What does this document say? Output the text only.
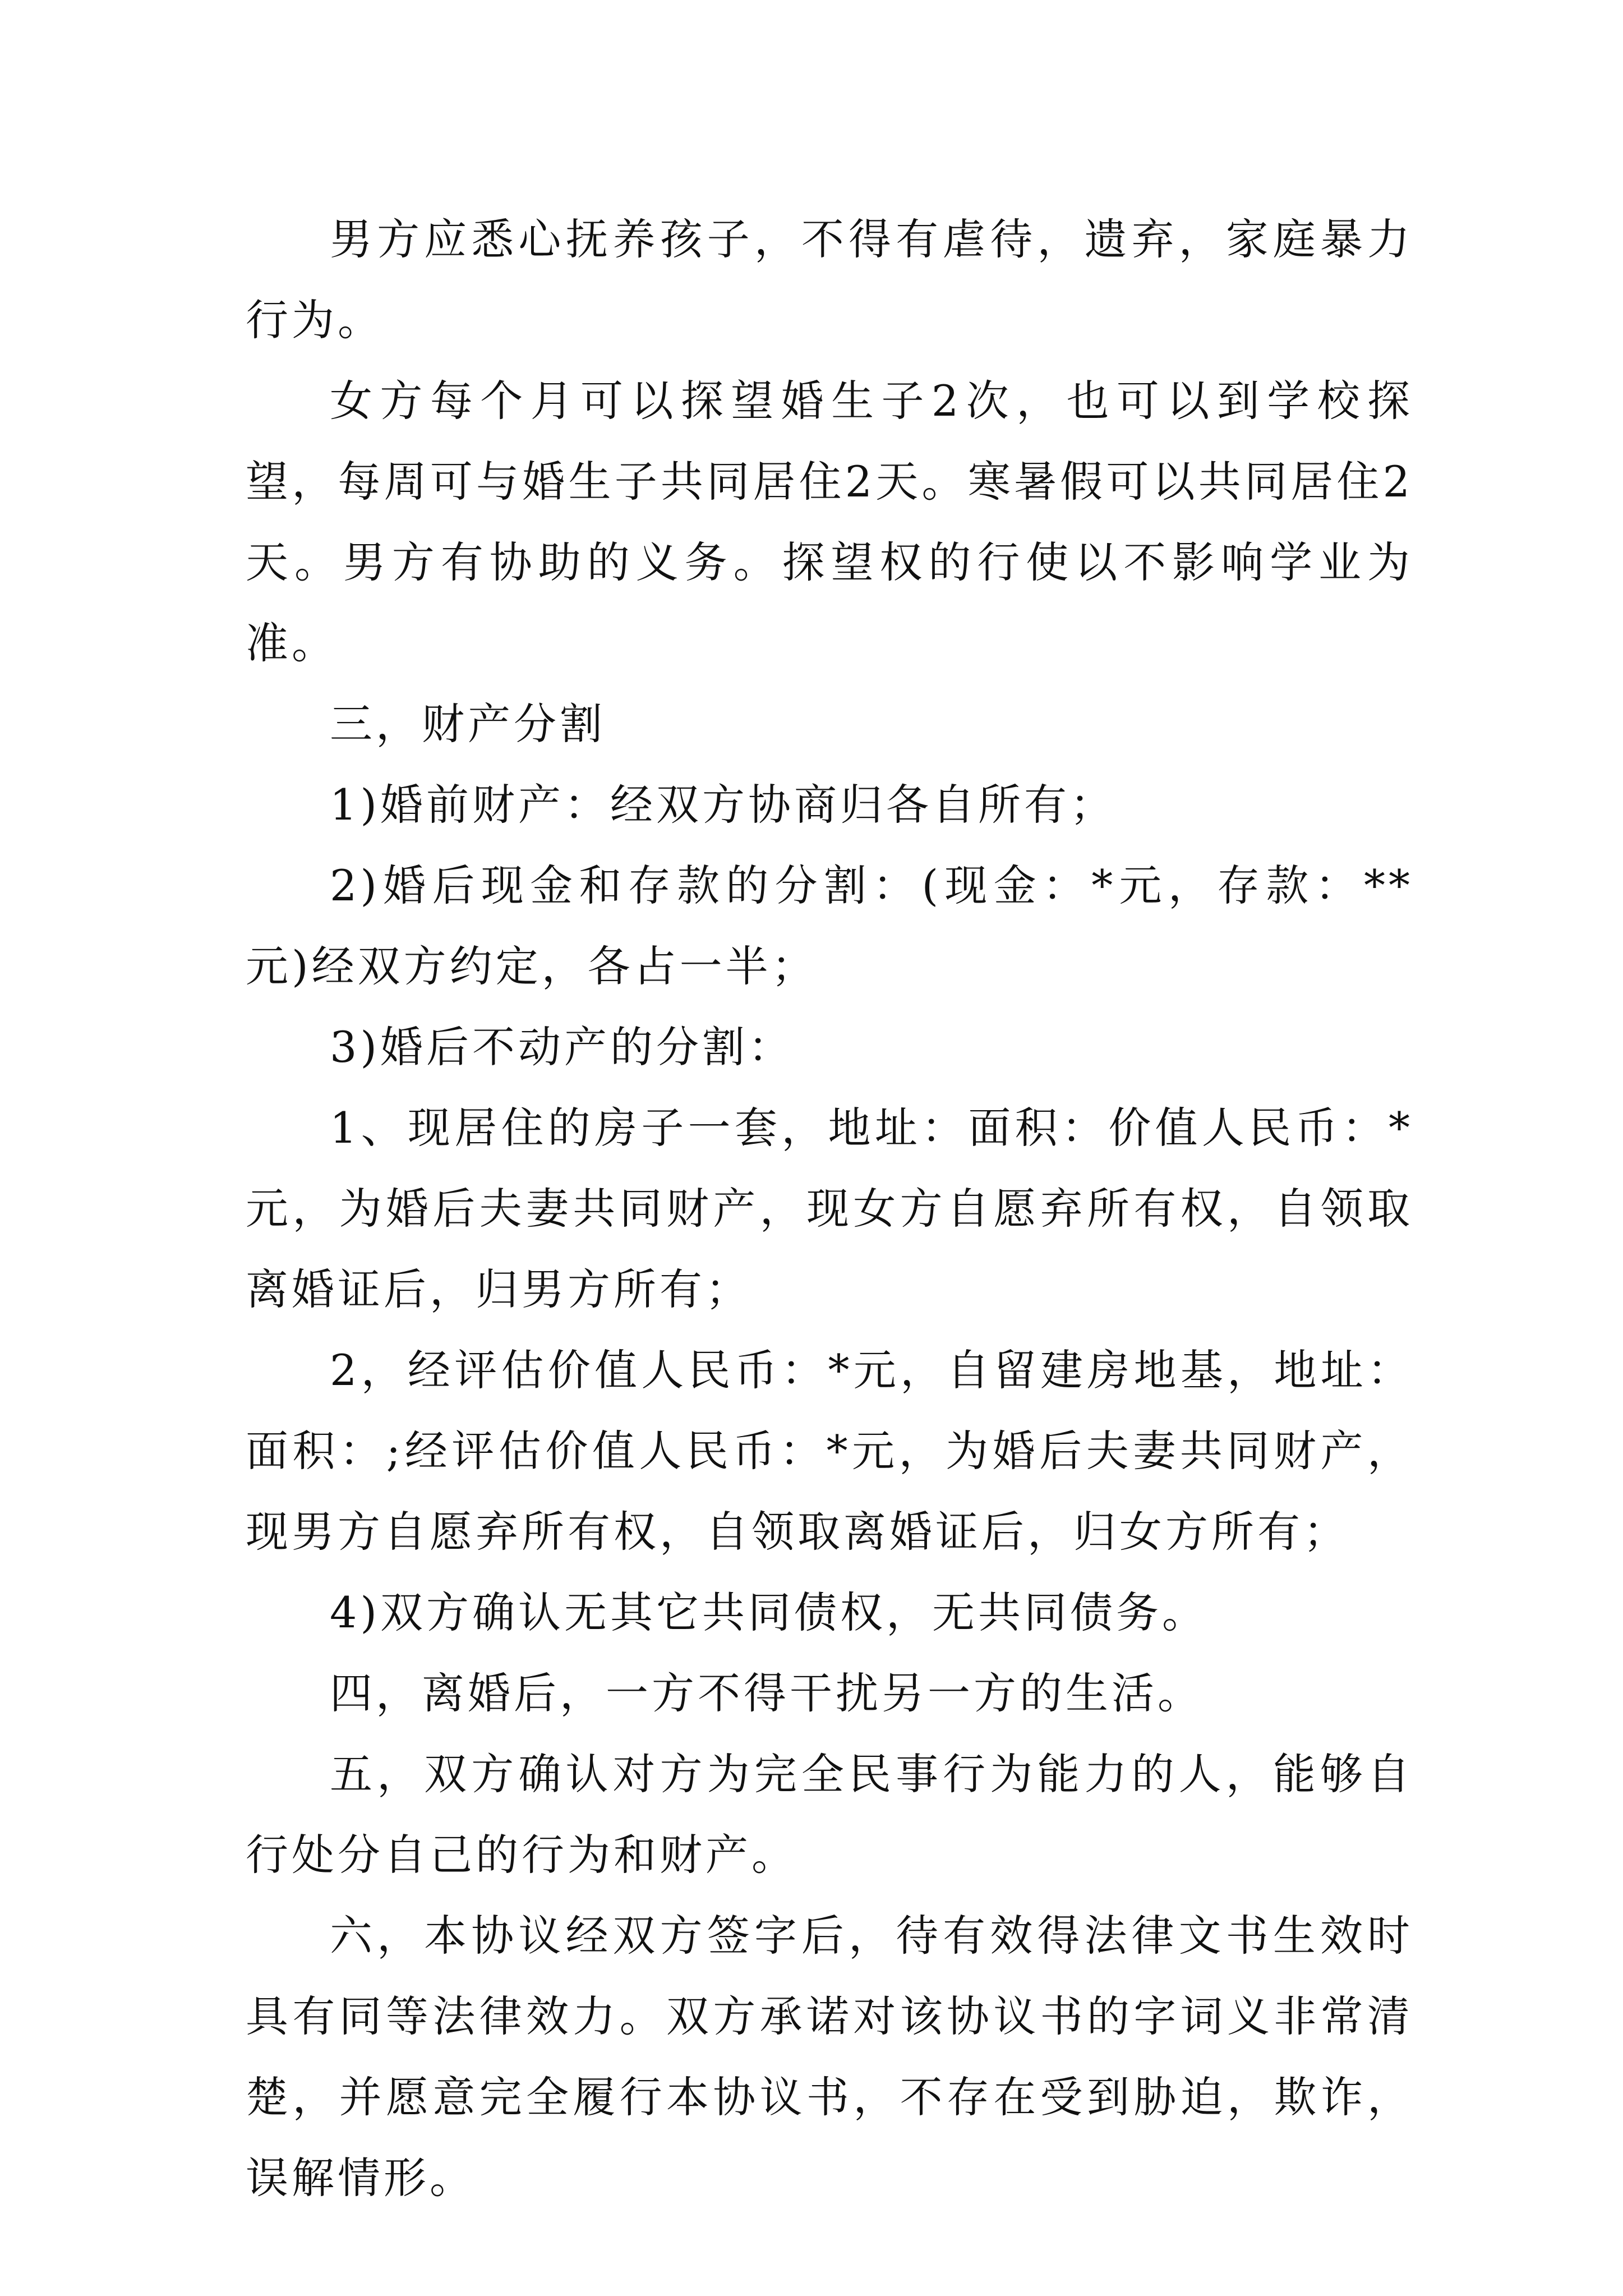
男方应悉心抚养孩子，不得有虐待，遗弃，家庭暴力行为。

女方每个月可以探望婚生子2次，也可以到学校探望，每周可与婚生子共同居住2天。寒暑假可以共同居住2天。男方有协助的义务。探望权的行使以不影响学业为准。

三，财产分割

1)婚前财产：经双方协商归各自所有；

2)婚后现金和存款的分割：(现金：*元，存款：**元)经双方约定，各占一半；

3)婚后不动产的分割：

1、现居住的房子一套，地址：面积：价值人民币：*元，为婚后夫妻共同财产，现女方自愿弃所有权，自领取离婚证后，归男方所有；

2，经评估价值人民币：*元，自留建房地基，地址：面积：;经评估价值人民币：*元，为婚后夫妻共同财产，现男方自愿弃所有权，自领取离婚证后，归女方所有；

4)双方确认无其它共同债权，无共同债务。

四，离婚后，一方不得干扰另一方的生活。

五，双方确认对方为完全民事行为能力的人，能够自行处分自己的行为和财产。

六，本协议经双方签字后，待有效得法律文书生效时具有同等法律效力。双方承诺对该协议书的字词义非常清楚，并愿意完全履行本协议书，不存在受到胁迫，欺诈，误解情形。
